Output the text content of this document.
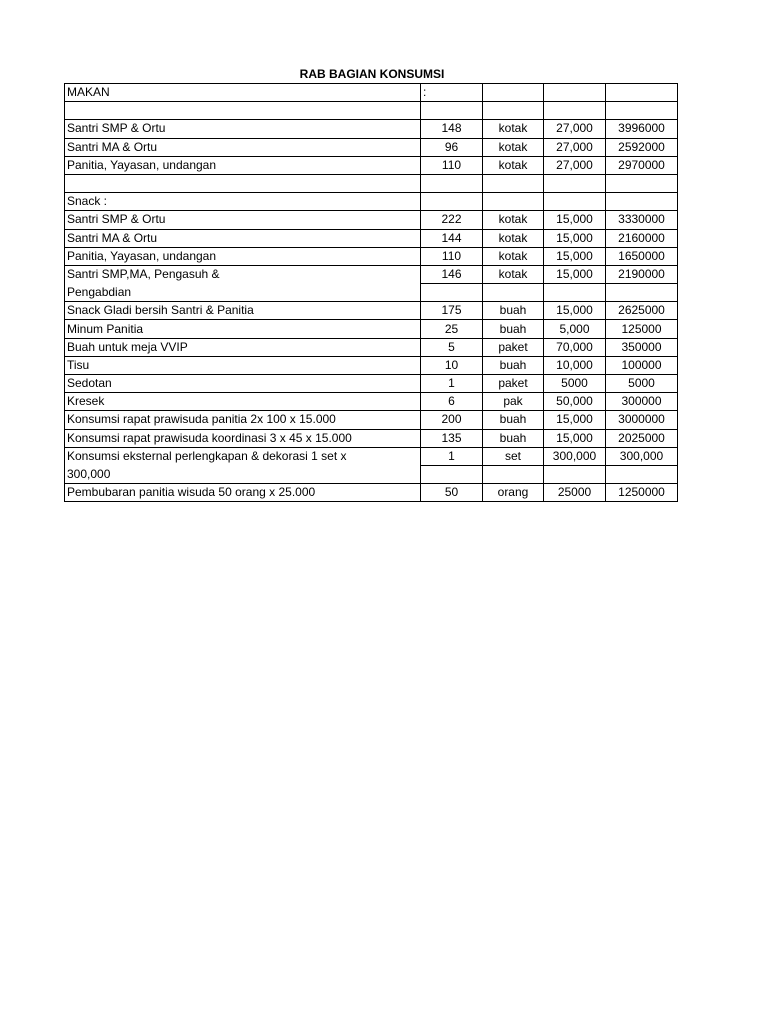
RAB BAGIAN KONSUMSI
MAKAN	:			

Santri SMP & Ortu	148	kotak	27,000	3996000
Santri MA & Ortu	96	kotak	27,000	2592000
Panitia, Yayasan, undangan	110	kotak	27,000	2970000

Snack :				
Santri SMP & Ortu	222	kotak	15,000	3330000
Santri MA & Ortu	144	kotak	15,000	2160000
Panitia, Yayasan, undangan	110	kotak	15,000	1650000
Santri SMP,MA, Pengasuh &	146	kotak	15,000	2190000
Pengabdian				
Snack Gladi bersih Santri & Panitia	175	buah	15,000	2625000
Minum Panitia	25	buah	5,000	125000
Buah untuk meja VVIP	5	paket	70,000	350000
Tisu	10	buah	10,000	100000
Sedotan	1	paket	5000	5000
Kresek	6	pak	50,000	300000
Konsumsi rapat prawisuda panitia 2x 100 x 15.000	200	buah	15,000	3000000
Konsumsi rapat prawisuda koordinasi 3 x 45 x 15.000	135	buah	15,000	2025000
Konsumsi eksternal perlengkapan & dekorasi 1 set x	1	set	300,000	300,000
300,000				
Pembubaran panitia wisuda 50 orang x 25.000	50	orang	25000	1250000
